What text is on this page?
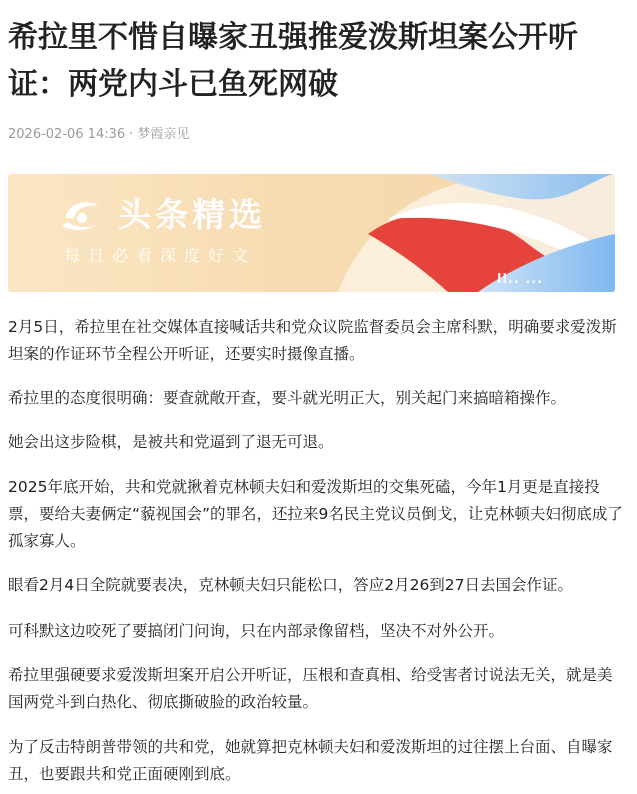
希拉里不惜自曝家丑强推爱泼斯坦案公开听证：两党内斗已鱼死网破
2026-02-06 14:36 · 梦霞亲见
头条精选
每日必看深度好文
ll.. ...

2月5日，希拉里在社交媒体直接喊话共和党众议院监督委员会主席科默，明确要求爱泼斯坦案的作证环节全程公开听证，还要实时摄像直播。

希拉里的态度很明确：要查就敞开查，要斗就光明正大，别关起门来搞暗箱操作。

她会出这步险棋，是被共和党逼到了退无可退。

2025年底开始，共和党就揪着克林顿夫妇和爱泼斯坦的交集死磕，今年1月更是直接投票，要给夫妻俩定“藐视国会”的罪名，还拉来9名民主党议员倒戈，让克林顿夫妇彻底成了孤家寡人。

眼看2月4日全院就要表决，克林顿夫妇只能松口，答应2月26到27日去国会作证。

可科默这边咬死了要搞闭门问询，只在内部录像留档，坚决不对外公开。

希拉里强硬要求爱泼斯坦案开启公开听证，压根和查真相、给受害者讨说法无关，就是美国两党斗到白热化、彻底撕破脸的政治较量。

为了反击特朗普带领的共和党，她就算把克林顿夫妇和爱泼斯坦的过往摆上台面、自曝家丑，也要跟共和党正面硬刚到底。
